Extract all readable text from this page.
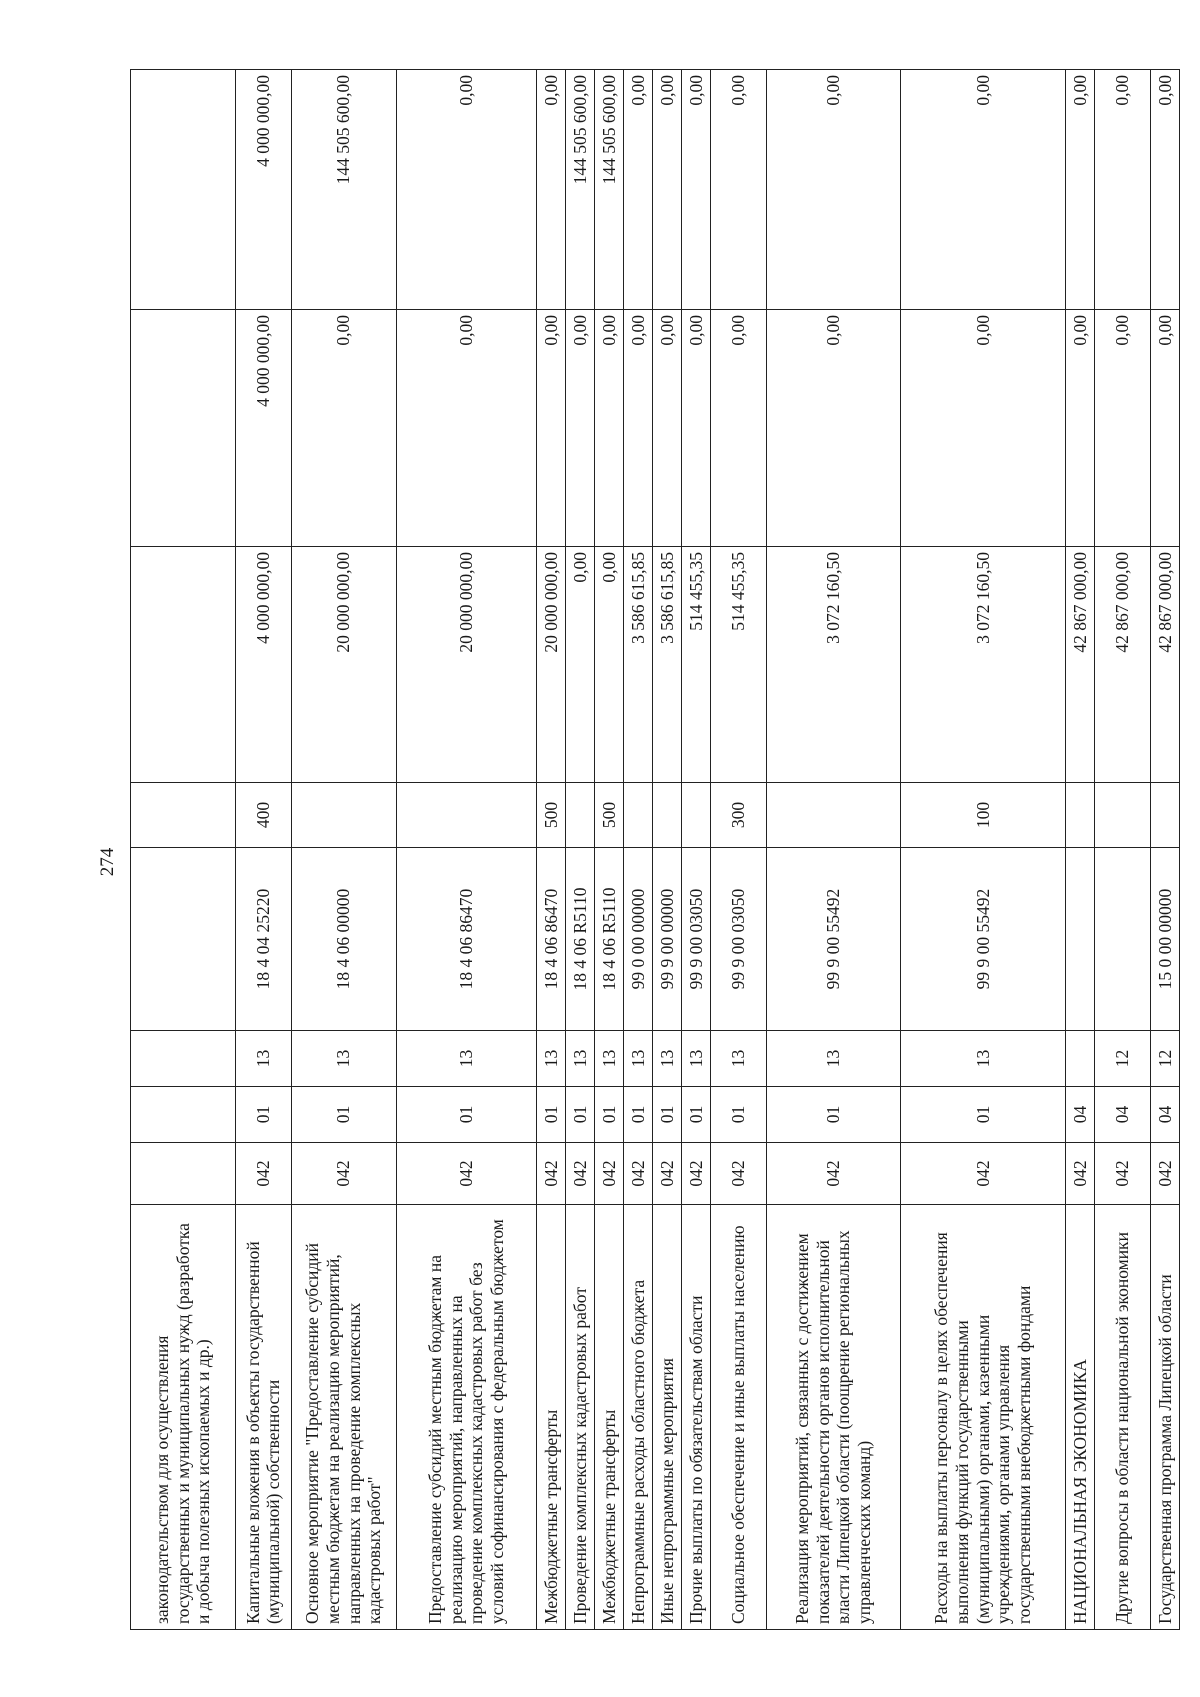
274
законодательством для осуществления государственных и муниципальных нужд (разработка и добыча полезных ископаемых и др.)								
Капитальные вложения в объекты государственной (муниципальной) собственности	042	01	13	18 4 04 25220	400	4 000 000,00	4 000 000,00	4 000 000,00
Основное мероприятие "Предоставление субсидий местным бюджетам на реализацию мероприятий, направленных на проведение комплексных кадастровых работ"	042	01	13	18 4 06 00000		20 000 000,00	0,00	144 505 600,00
Предоставление субсидий местным бюджетам на реализацию мероприятий, направленных на проведение комплексных кадастровых работ без условий софинансирования с федеральным бюджетом	042	01	13	18 4 06 86470		20 000 000,00	0,00	0,00
Межбюджетные трансферты	042	01	13	18 4 06 86470	500	20 000 000,00	0,00	0,00
Проведение комплексных кадастровых работ	042	01	13	18 4 06 R5110		0,00	0,00	144 505 600,00
Межбюджетные трансферты	042	01	13	18 4 06 R5110	500	0,00	0,00	144 505 600,00
Непрограммные расходы областного бюджета	042	01	13	99 0 00 00000		3 586 615,85	0,00	0,00
Иные непрограммные мероприятия	042	01	13	99 9 00 00000		3 586 615,85	0,00	0,00
Прочие выплаты по обязательствам области	042	01	13	99 9 00 03050		514 455,35	0,00	0,00
Социальное обеспечение и иные выплаты населению	042	01	13	99 9 00 03050	300	514 455,35	0,00	0,00
Реализация мероприятий, связанных с достижением показателей деятельности органов исполнительной власти Липецкой области (поощрение региональных управленческих команд)	042	01	13	99 9 00 55492		3 072 160,50	0,00	0,00
Расходы на выплаты персоналу в целях обеспечения выполнения функций государственными (муниципальными) органами, казенными учреждениями, органами управления государственными внебюджетными фондами	042	01	13	99 9 00 55492	100	3 072 160,50	0,00	0,00
НАЦИОНАЛЬНАЯ ЭКОНОМИКА	042	04				42 867 000,00	0,00	0,00
Другие вопросы в области национальной экономики	042	04	12			42 867 000,00	0,00	0,00
Государственная программа Липецкой области	042	04	12	15 0 00 00000		42 867 000,00	0,00	0,00
